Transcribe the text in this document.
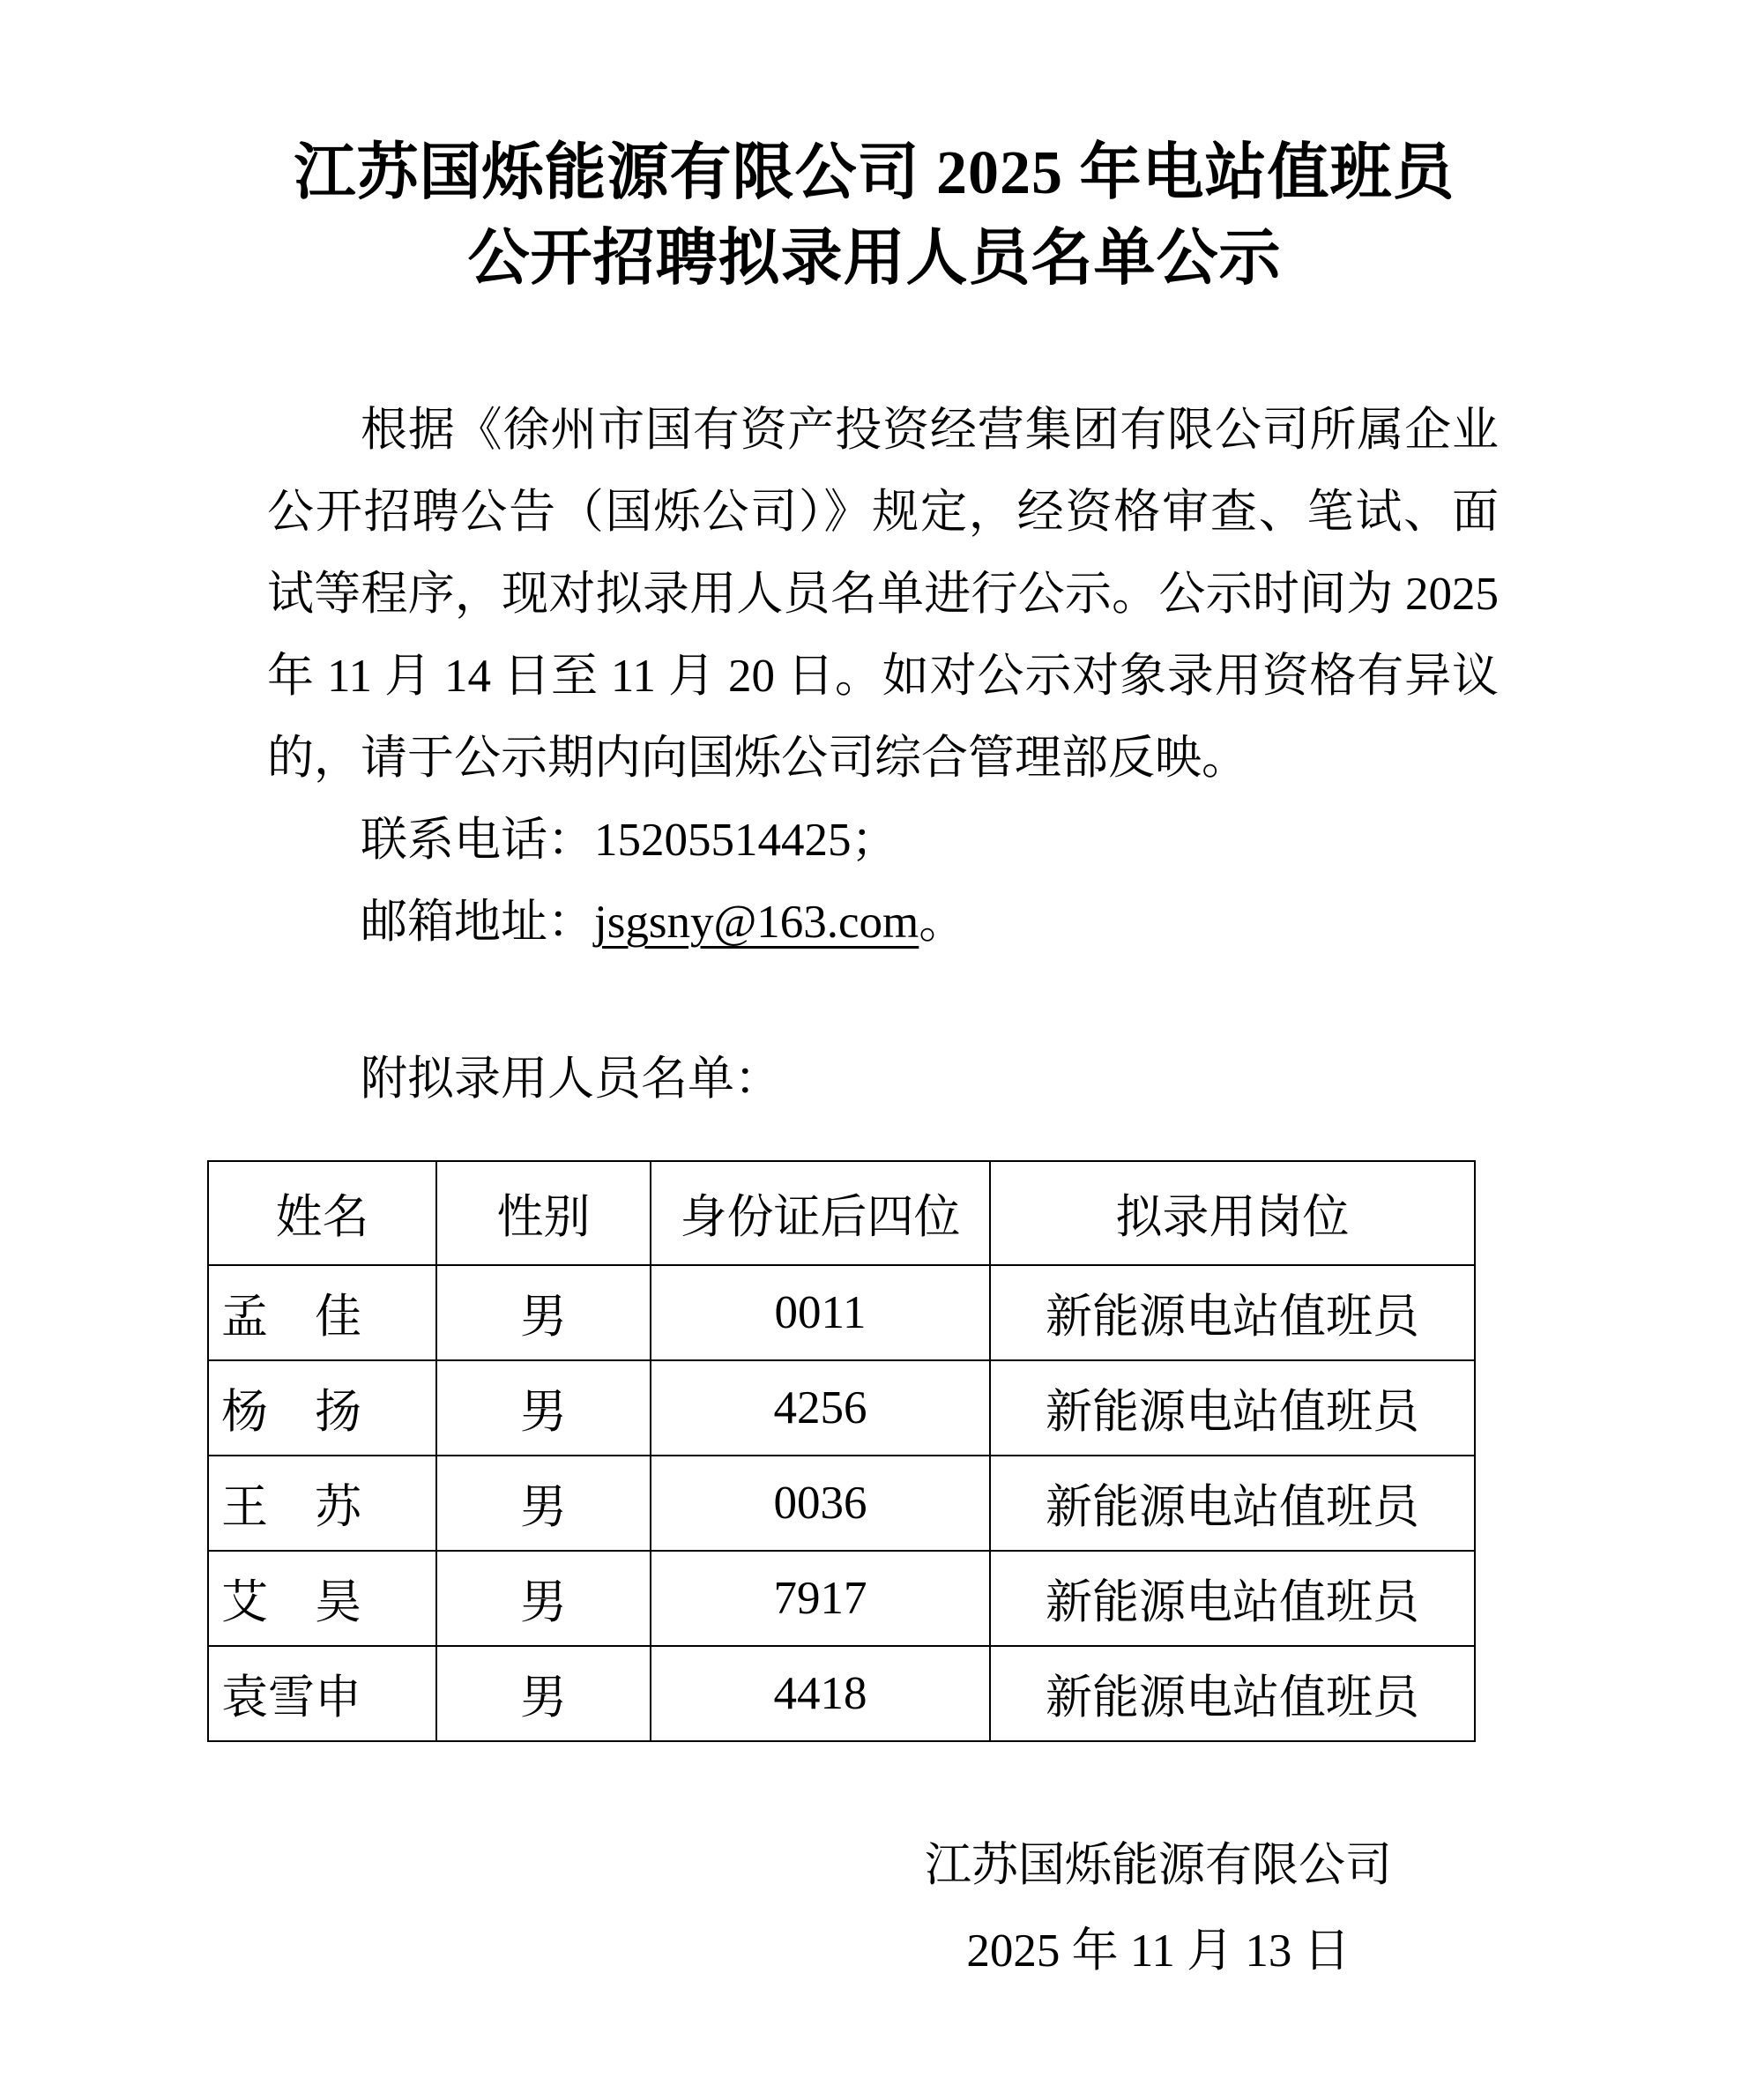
江苏国烁能源有限公司 2025 年电站值班员
公开招聘拟录用人员名单公示

根据《徐州市国有资产投资经营集团有限公司所属企业公开招聘公告（国烁公司）》规定，经资格审查、笔试、面试等程序，现对拟录用人员名单进行公示。公示时间为 2025 年 11 月 14 日至 11 月 20 日。如对公示对象录用资格有异议的，请于公示期内向国烁公司综合管理部反映。

联系电话：15205514425；

邮箱地址：jsgsny@163.com。

附拟录用人员名单：

姓名	性别	身份证后四位	拟录用岗位

孟 佳	男	0011	新能源电站值班员

杨 扬	男	4256	新能源电站值班员

王 苏	男	0036	新能源电站值班员

艾 昊	男	7917	新能源电站值班员

袁 雪 申	男	4418	新能源电站值班员
江苏国烁能源有限公司
2025 年 11 月 13 日
